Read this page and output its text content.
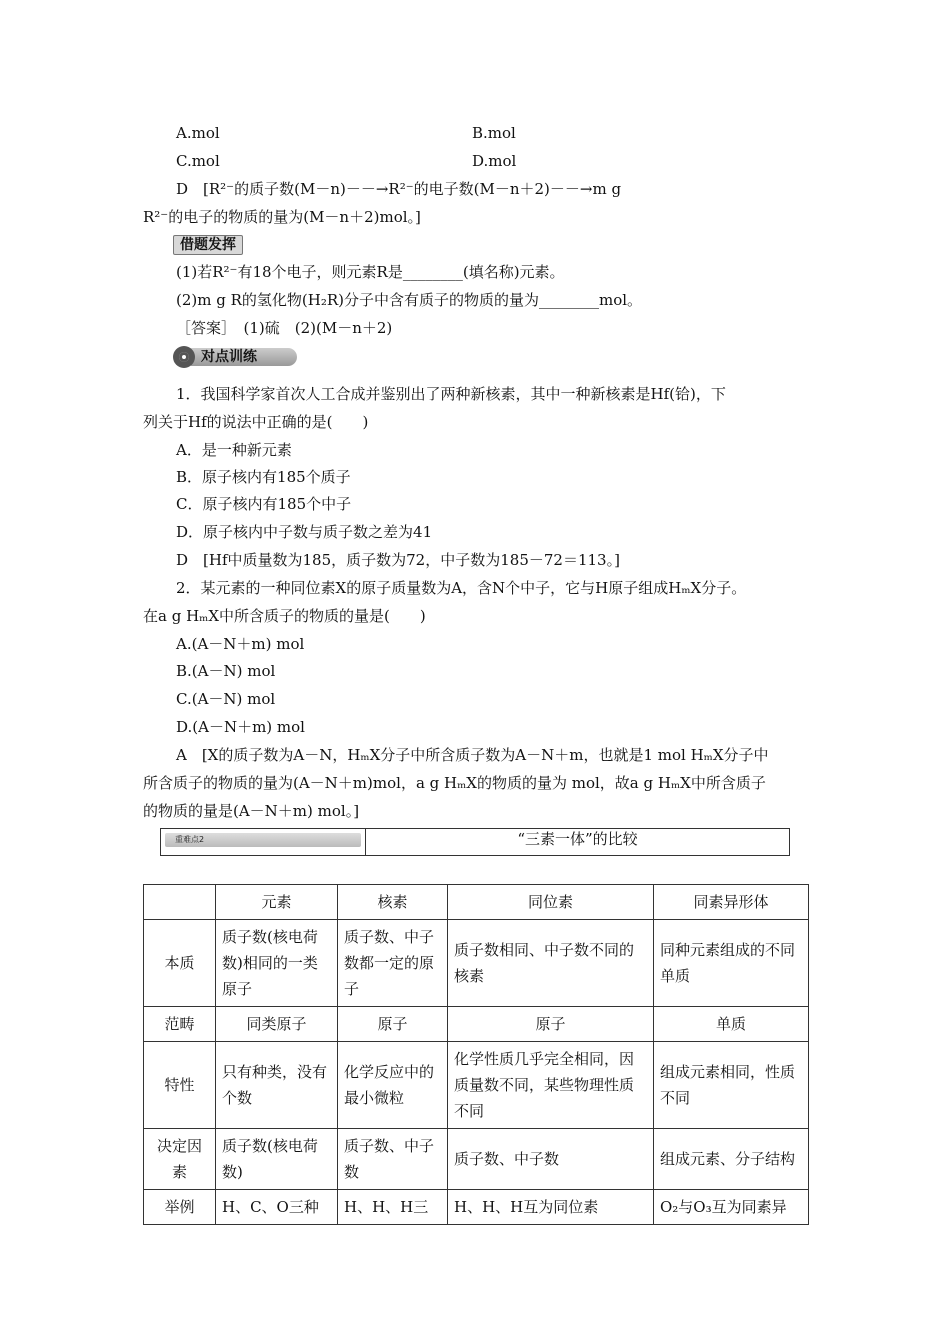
A.mol	B.mol
C.mol	D.mol
D　[R²⁻的质子数(M－n)－－→R²⁻的电子数(M－n＋2)－－→m g
R²⁻的电子的物质的量为(M－n＋2)mol。]
借题发挥
(1)若R²⁻有18个电子，则元素R是________(填名称)元素。
(2)m g R的氢化物(H₂R)分子中含有质子的物质的量为________mol。
［答案］　(1)硫　(2)(M－n＋2)
对点训练
1．我国科学家首次人工合成并鉴别出了两种新核素，其中一种新核素是Hf(铪)，下
列关于Hf的说法中正确的是(　　)
A．是一种新元素
B．原子核内有185个质子
C．原子核内有185个中子
D．原子核内中子数与质子数之差为41
D　[Hf中质量数为185，质子数为72，中子数为185－72＝113。]
2．某元素的一种同位素X的原子质量数为A，含N个中子，它与H原子组成HₘX分子。
在a g HₘX中所含质子的物质的量是(　　)
A.(A－N＋m) mol
B.(A－N) mol
C.(A－N) mol
D.(A－N＋m) mol
A　[X的质子数为A－N，HₘX分子中所含质子数为A－N＋m，也就是1 mol HₘX分子中
所含质子的物质的量为(A－N＋m)mol，a g HₘX的物质的量为 mol，故a g HₘX中所含质子
的物质的量是(A－N＋m) mol。]
重难点2	“三素一体”的比较
	元素	核素	同位素	同素异形体
本质	质子数(核电荷数)相同的一类原子	质子数、中子数都一定的原子	质子数相同、中子数不同的核素	同种元素组成的不同单质
范畴	同类原子	原子	原子	单质
特性	只有种类，没有个数	化学反应中的最小微粒	化学性质几乎完全相同，因质量数不同，某些物理性质不同	组成元素相同，性质不同
决定因素	质子数(核电荷数)	质子数、中子数	质子数、中子数	组成元素、分子结构
举例	H、C、O三种	H、H、H三	H、H、H互为同位素	O₂与O₃互为同素异
